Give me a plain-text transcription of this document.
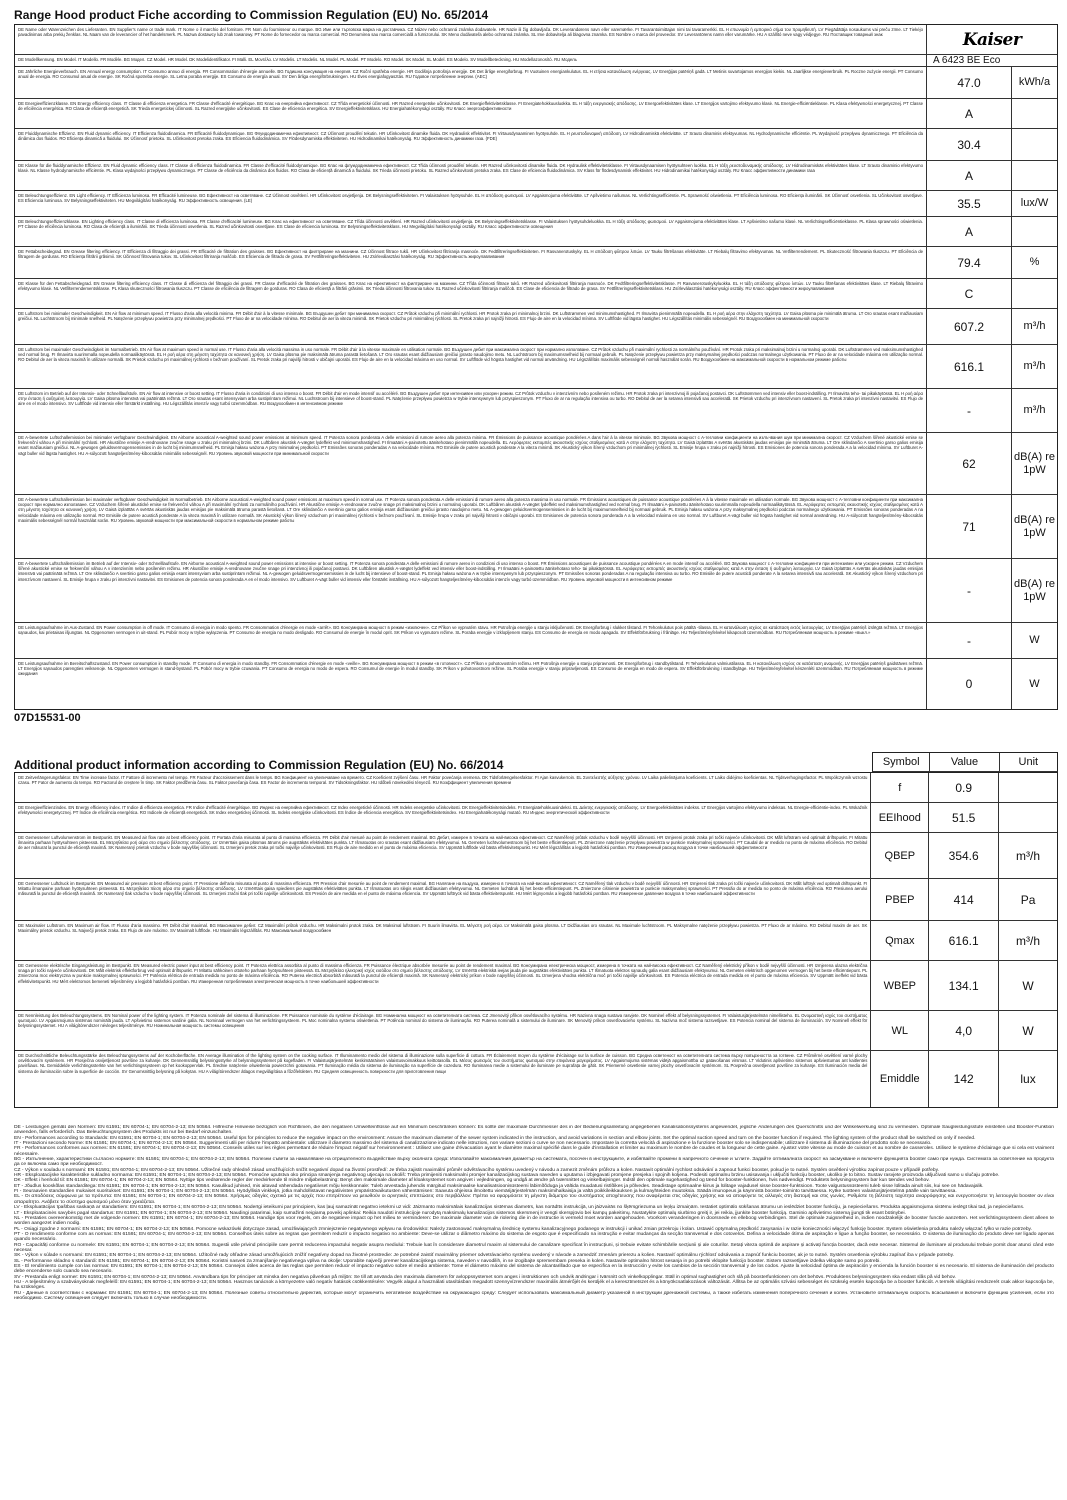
Range Hood product Fiche according to Commission Regulation (EU) No. 65/2014
DE Name oder Warenzeichen des Lieferanten. EN Supplier's name or trade mark. IT Nome o il marchio del fornitore. FR Nom du fournisseur ou marque. BG Име или търговска марка на доставчика. CZ Název nebo ochranná známka dodavatele. HR Naziv ili žig dobavljača. DK Leverandørens navn eller varemærke. FI Tavarantoimittajan nimi tai tavaramerkki. EL Η επωνυμία ή εμπορικό σήμα του προμηθευτή. LV Piegādātāja nosaukums vai preču zīme. LT Tiekėjo pavadinimas arba prekių ženklas. NL Naam van de leverancier of het handelsmerk. PL Nazwa dostawcy lub znak towarowy. PT Nome do fornecedor ou marca comercial. RO Denumirea sau marca comercială a furnizorului. SK Meno dodávateľa alebo ochranná známka. SL Ime dobavitelja ali blagovna znamka. ES Nombre o marca del proveedor. SV Leverantörens namn eller varumärke. HU A szállító neve vagy védjegye. RU Поставщик товарный знак	Kaiser
DE Modellkennung. EN Model. IT Modello. FR Modèle. BG Модел. CZ Model. HR Model. DK Modelidentifikator. FI Malli. EL Μοντέλο. LV Modelis. LT Modelis. NL Model. PL Model. PT Modelo. RO Model. SK Model. SL Model. ES Modelo. SV Modellbeteckning. HU Modellazonosító. RU Модель	A 6423 BE Eco
DE Jährliche Energieverbrauch. EN Annual energy consumption. IT Consumo annuo di energia. FR Consommation d'énergie annuelle. BG Годишна консумация на енергия. CZ Roční spotřeba energie. HR Godišnja potrošnja energije. DK Det årlige energiforbrug. FI Vuotuinen energiankulutus. EL Η ετήσια κατανάλωση ενέργειας. LV Enerģijas patēriņš gadā. LT Metinis suvartojamos energijos kiekis. NL Jaarlijkse energieverbruik. PL Roczne zużycie energii. PT Consumo anual de energia. RO Consumul anual de energie. SK Ročná spotreba energie. SL Letna poraba energije. ES Consumo de energía anual. SV Den årliga energiförbrukningen. HU Éves energiafogyasztás. RU Годовое потребление энергии. (AEC)	47.0	kWh/a
DE Energieeffizienzklasse. EN Energy efficiency class. IT Classe di efficienza energetica. FR Classe d'efficacité énergétique. BG Клас на енергийна ефективност. CZ Třída energetické účinnosti. HR Razred energetske učinkovitosti. DK Energieffektivitetsklasse. FI Energiatehokkuusluokka. EL Η τάξη ενεργειακής απόδοσης. LV Energoefektivitātes klase. LT Energijos vartojimo efektyvumo klasė. NL Energie-efficiëntieklasse. PL Klasa efektywności energetycznej. PT Classe de eficiência energética. RO Clasa de eficiență energetică. SK Trieda energetickej účinnosti. SL Razred energijske učinkovitosti. ES Clase de eficiencia energética. SV Energieffektivitetsklass. HU Energiahatékonysági osztály. RU Класс энергоэффективности	A
DE Fluiddynamische Effizienz. EN Fluid dynamic efficiency. IT Efficienza fluidodinamica. FR Efficacité fluidodynamique. BG Флуидодинамична ефективност. CZ Účinnost proudění tekutin. HR Učinkovitost dinamike fluida. DK Hydraulisk effektivitet. FI Virtausdynaaminen hyötysuhde. EL Η ρευστοδυναμική απόδοση. LV Hidrodinamiskā efektivitāte. LT Srauto dinaminis efektyvumas. NL Hydrodynamische efficiëntie. PL Wydajność przepływu dynamicznego. PT Eficiência da dinâmica dos fluidos. RO Eficiența dinamică a fluidului. SK Účinnosť prietoku. SL Učinkovitost pretoka zraka. ES Eficiencia fluidodinámica. SV Flödesdynamiska effektiviteten. HU Hidrodinamikai hatékonyság. RU Эффективность динамики газа. (FDE)	30.4
DE Klasse für die fluiddynamische Effizienz. EN Fluid dynamic efficiency class. IT Classe di efficienza fluidodinamica. FR Classe d'efficacité fluidodynamique. BG Клас на флуидодинамична ефективност. CZ Třída účinnosti proudění tekutin. HR Razred učinkovitosti dinamike fluida. DK Hydraulisk effektivitetsklasse. FI Virtausdynaamisen hyötysuhteen luokka. EL Η τάξη ρευστοδυναμικής απόδοσης. LV Hidrodinamiskās efektivitātes klase. LT Srauto dinaminio efektyvumo klasė. NL Klasse hydrodynamische efficiëntie. PL Klasa wydajności przepływu dynamicznego. PT Classe de eficiência da dinâmica dos fluidos. RO Clasa de eficiență dinamică a fluidului. SK Trieda účinnosti prietoku. SL Razred učinkovitosti pretoka zraka. ES Clase de eficiencia fluidodinámica. SV Klass för flödesdynamisk effektivitet. HU Hidrodinamikai hatékonysági osztály. RU Класс эффективности динамики газа	A
DE Beleuchtungseffizienz. EN Light efficiency. IT Efficienza luminosa. FR Efficacité lumineuse. BG Ефективност на осветяване. CZ Účinnost osvětlení. HR Učinkovitost osvjetljenja. DK Belysningseffektiviteten. FI Valaistuksen hyötysuhde. EL Η απόδοση φωτισμού. LV Apgaismojuma efektivitāte. LT Apšvietimo našumas. NL Verlichtingsefficiëntie. PL Sprawność oświetlenia. PT Eficiência luminosa. RO Eficiența iluminării. SK Účinnosť osvetlenia. SL Učinkovitost osvetljave. ES Eficiencia luminosa. SV Belysningseffektiviteten. HU Megvilágítási hatékonyság. RU Эффективность освещения. (LE)	35.5	lux/W
DE Beleuchtungseffizienzklasse. EN Lighting efficiency class. IT Classe di efficienza luminosa. FR Classe d'efficacité lumineuse. BG Клас на ефективност на осветяване. CZ Třída účinnosti osvětlení. HR Razred učinkovitosti osvjetljenja. DK Belysningseffektivitetsklasse. FI Valaistuksen hyötysuhdeluokka. EL Η τάξη απόδοσης φωτισμού. LV Apgaismojuma efektivitātes klase. LT Apšvietimo našumo klasė. NL Verlichtingsefficiëntieklasse. PL Klasa sprawności oświetlenia. PT Classe de eficiência luminosa. RO Clasa de eficiență a iluminării. SK Trieda účinnosti osvetlenia. SL Razred učinkovitosti osvetljave. ES Clase de eficiencia luminosa. SV Belysningseffektivitetsklass. HU Megvilágítási hatékonysági osztály. RU Класс эффективности освещения	A
DE Fettabscheidegrad. EN Grease filtering efficiency. IT Efficienza di filtraggio dei grassi. FR Efficacité de filtration des graisses. BG Ефективност на филтриране на мазнини. CZ Účinnost filtrace tuků. HR Učinkovitost filtriranja masnoće. DK Fedtfiltreringseffektiviteten. FI Rasvanerotuskyky. EL Η απόδοση φίλτρου λιπών. LV Tauku filtrēšanas efektivitāte. LT Riebalų filtravimo efektyvumas. NL Vetfilterrendement. PL Skuteczność filtrowania tłuszczu. PT Eficiência de filtragem de gorduras. RO Eficiența filtrării grăsimii. SK Účinnosť filtrovania tukov. SL Učinkovitost filtriranja maščob. ES Eficiencia de filtrado de grasa. SV Fettfiltreringseffektiviteten. HU Zsírleválasztási hatékonyság. RU Эффективность жироулавливания	79.4	%
DE Klasse für den Fettabscheidegrad. EN Grease filtering efficiency class. IT Classe di efficienza del filtraggio dei grassi. FR Classe d'efficacité de filtration des graisses. BG Клас на ефективност на филтриране на мазнини. CZ Třída účinnosti filtrace tuků. HR Razred učinkovitosti filtriranja masnoće. DK Fedtfiltreringseffektivitetsklasse. FI Rasvanerotuskykyluokka. EL Η τάξη απόδοσης φίλτρου λιπών. LV Tauku filtrēšanas efektivitātes klase. LT Riebalų filtravimo efektyvumo klasė. NL Vetfilterrendementsklasse. PL Klasa skuteczności filtrowania tłuszczu. PT Classe de eficiência de filtragem de gorduras. RO Clasa de eficiență a filtrării grăsimii. SK Trieda účinnosti filtrovania tukov. SL Razred učinkovitosti filtriranja maščob. ES Clase de eficiencia de filtrado de grasa. SV Fettfiltreringseffektivitetsklass. HU Zsírleválasztási hatékonysági osztály. RU Класс эффективности жироулавливания	C
DE Luftstrom bei minimaler Geschwindigkeit. EN Air flow at minimum speed. IT Flusso d'aria alla velocità minima. FR Débit d'air à la vitesse minimale. BG Въздушен дебит при минимална скорост. CZ Průtok vzduchu při minimální rychlosti. HR Protok zraka pri minimalnoj brzini. DK Luftstrømmen ved minimumshastighed. FI Ilmavirta pienimmällä nopeudella. EL Η ροή αέρα στην ελάχιστη ταχύτητα. LV Gaisa plūsma pie minimālā ātruma. LT Oro srautas esant mažiausiam greičiui. NL Luchtstroom bij minimale snelheid. PL Natężenie przepływu powietrza przy minimalnej prędkości. PT Fluxo de ar na velocidade mínima. RO Debitul de aer la viteza minimă. SK Prietok vzduchu pri minimálnej rýchlosti. SL Pretok zraka pri najnižji hitrosti. ES Flujo de aire en la velocidad mínima. SV Luftflöde vid lägsta hastighet. HU Légszállítás minimális sebességnél. RU Воздухообмен на минимальной скорости
607.2	m³/h
DE Luftstrom bei maximaler Geschwindigkeit im Normalbetrieb. EN Air flow at maximum speed in normal use. IT Flusso d'aria alla velocità massima in uso normale. FR Débit d'air à la vitesse maximale en utilisation normale. BG Въздушен дебит при максимална скорост при нормално използване. CZ Průtok vzduchu při maximální rychlosti za normálního používání. HR Protok zraka pri maksimalnoj brzini u normalnoj uporabi. DK Luftstrømmen ved maksimumshastighed ved normal brug. FI Ilmavirta suurimmalla nopeudella normaalikäytössä. EL Η ροή αέρα στη μέγιστη ταχύτητα σε κανονική χρήση. LV Gaisa plūsma pie maksimālā ātruma parastā lietošanā. LT Oro srautas esant didžiausiam greičiui įprasto naudojimo metu. NL Luchtstroom bij maximumsnelheid bij normaal gebruik. PL Natężenie przepływu powietrza przy maksymalnej prędkości podczas normalnego użytkowania. PT Fluxo de ar na velocidade máxima em utilização normal. RO Debitul de aer la viteza maximă în utilizare normală. SK Prietok vzduchu pri maximálnej rýchlosti v bežnom používaní. SL Pretok zraka pri najvišji hitrosti v običajni uporabi. ES Flujo de aire en la velocidad máxima en uso normal. SV Luftflöde vid högsta hastighet vid normal användning. HU Légszállítás maximális sebességnél normál használat során. RU Воздухообмен на максимальной скорости в нормальном режиме работы	616.1	m³/h
DE Luftstrom im Betrieb auf der Intensiv- oder Schnelllaufstufe. EN Air flow at intensive or boost setting. IT Flusso d'aria in condizioni di uso intenso o boost. FR Débit d'air en mode intensif ou accéléré. BG Въздушен дебит при интензивен или ускорен режим. CZ Průtok vzduchu v intenzivním nebo posíleném režimu. HR Protok zraka pri intenzivnoj ili pojačanoj postavci. DK Luftstrømmen ved intensiv eller boost-indstilling. FI Ilmavirta teho- tai pikakäytössä. EL Η ροή αέρα στην ένταση ή αυξημένη λειτουργία. LV Gaisa plūsma intensīvā vai paātrinātā režīmā. LT Oro srautas esant intensyviam arba sustiprintam režimui. NL Luchtstroom bij intensieve of boost-stand. PL Natężenie przepływu powietrza w trybie intensywnym lub przyspieszonym. PT Fluxo de ar na regulação intensiva ou turbo. RO Debitul de aer la setarea intensivă sau accelerată. SK Prietok vzduchu pri intenzívnom nastavení. SL Pretok zraka pri intenzivni nastavitvi. ES Flujo de aire en el modo intensivo. SV Luftflöde vid intensiv eller förstärkt inställning. HU Légszállítás intenzív vagy turbó üzemmódban. RU Воздухообмен в интенсивном режиме	-	m³/h
DE A-bewertete Luftschallemission bei minimaler verfügbarer Geschwindigkeit. EN Airborne acoustical A-weighted sound power emissions at minimum speed. IT Potenza sonora ponderata A delle emissioni di rumore aereo alla potenza minima. FR Émissions de puissance acoustique pondérées A dans l'air à la vitesse minimale. BG Звукова мощност с А-тегловни коефициенти на излъчвания шум при минимална скорост. CZ Vzduchem šířené akustické emise se frekvenční váhou A při minimální rychlosti. HR Akustične emisije A-vrednovane zvučne snage u zraku pri minimalnoj brzini. DK Luftbåren akustisk A-vægtet lydeffekt ved minimumshastighed. FI Ilmaääni A-painotettu äänitehotaso pienimmällä nopeudella. EL Αερόφερτες εκπομπές ακουστικής ισχύος σταθμισμένες κατά Α στην ελάχιστη ταχύτητα. LV Gaisā izplatītās A svērtās akustiskās jaudas emisijas pie minimālā ātruma. LT Ore sklindančio A svertinio garso galios emisija esant mažiausiam greičiui. NL A-gewogen geluidsvermogensemissies in de lucht bij minimumsnelheid. PL Emisja hałasu ważona A przy minimalnej prędkości. PT Emissões sonoras ponderadas A na velocidade mínima. RO Emisiile de putere acustică ponderate A la viteza minimă. SK Akustický výkon šírený vzduchom pri minimálnej rýchlosti. SL Emisije hrupa v zraku pri najnižji hitrosti. ES Emisiones de potencia sonora ponderada A a la velocidad mínima. SV Luftburet A-vägt buller vid lägsta hastighet. HU A-súlyozott hangteljesítmény-kibocsátás minimális sebességnél. RU Уровень звуковой мощности при минимальной скорости
62	dB(A) re 1pW
DE A-bewertete Luftschallemission bei maximaler verfügbarer Geschwindigkeit im Normalbetrieb. EN Airborne acoustical A-weighted sound power emissions at maximum speed in normal use. IT Potenza sonora ponderata A delle emissioni di rumore aereo alla potenza massima in uso normale. FR Émissions acoustiques de puissance acoustique pondérées A à la vitesse maximale en utilisation normale. BG Звукова мощност с А-тегловни коефициенти при максимална скорост при нормално използване. CZ Vzduchem šířené akustické emise se frekvenční váhou A při maximální rychlosti za normálního používání. HR Akustične emisije A-vrednovane zvučne snage pri maksimalnoj brzini u normalnoj uporabi. DK Luftbåren akustisk A-vægtet lydeffekt ved maksimumshastighed ved normal brug. FI Ilmaääni A-painotettu äänitehotaso suurimmalla nopeudella normaalikäytössä. EL Αερόφερτες εκπομπές ακουστικής ισχύος σταθμισμένες κατά Α στη μέγιστη ταχύτητα σε κανονική χρήση. LV Gaisā izplatītās A svērtās akustiskās jaudas emisijas pie maksimālā ātruma parastā lietošanā. LT Ore sklindančio A svertinio garso galios emisija esant didžiausiam greičiui įprasto naudojimo metu. NL A-gewogen geluidsvermogensemissies in de lucht bij maximumsnelheid bij normaal gebruik. PL Emisja hałasu ważona A przy maksymalnej prędkości podczas normalnego użytkowania. PT Emissões sonoras ponderadas A na velocidade máxima em utilização normal. RO Emisiile de putere acustică ponderate A la viteza maximă în utilizare normală. SK Akustický výkon šírený vzduchom pri maximálnej rýchlosti v bežnom používaní. SL Emisije hrupa v zraku pri najvišji hitrosti v običajni uporabi. ES Emisiones de potencia sonora ponderada A a la velocidad máxima en uso normal. SV Luftburet A-vägt buller vid högsta hastighet vid normal användning. HU A-súlyozott hangteljesítmény-kibocsátás maximális sebességnél normál használat során. RU Уровень звуковой мощности при максимальной скорости в нормальном режиме работы	71	dB(A) re 1pW
DE A-bewertete Luftschallemission im Betrieb auf der Intensiv- oder Schnelllaufstufe. EN Airborne acoustical A-weighted sound power emissions at intensive or boost setting. IT Potenza sonora ponderata A delle emissioni di rumore aereo in condizioni di uso intenso o boost. FR Émissions acoustiques de puissance acoustique pondérées A en mode intensif ou accéléré. BG Звукова мощност с А-тегловни коефициенти при интензивен или ускорен режим. CZ Vzduchem šířené akustické emise se frekvenční váhou A v intenzivním nebo posíleném režimu. HR Akustične emisije A-vrednovane zvučne snage pri intenzivnoj ili pojačanoj postavci. DK Luftbåren akustisk A-vægtet lydeffekt ved intensiv eller boost-indstilling. FI Ilmaääni A-painotettu äänitehotaso teho- tai pikakäytössä. EL Αερόφερτες εκπομπές ακουστικής ισχύος σταθμισμένες κατά Α στην ένταση ή αυξημένη λειτουργία. LV Gaisā izplatītās A svērtās akustiskās jaudas emisijas intensīvā vai paātrinātā režīmā. LT Ore sklindančio A svertinio garso galios emisija esant intensyviam arba sustiprintam režimui. NL A-gewogen geluidsvermogensemissies in de lucht bij intensieve of boost-stand. PL Emisja hałasu ważona A w trybie intensywnym lub przyspieszonym. PT Emissões sonoras ponderadas A na regulação intensiva ou turbo. RO Emisiile de putere acustică ponderate A la setarea intensivă sau accelerată. SK Akustický výkon šírený vzduchom pri intenzívnom nastavení. SL Emisije hrupa v zraku pri intenzivni nastavitvi. ES Emisiones de potencia sonora ponderada A en el modo intensivo. SV Luftburet A-vägt buller vid intensiv eller förstärkt inställning. HU A-súlyozott hangteljesítmény-kibocsátás intenzív vagy turbó üzemmódban. RU Уровень звуковой мощности в интенсивном режиме
-	dB(A) re 1pW
DE Leistungsaufnahme im Aus-Zustand. EN Power consumption in off mode. IT Consumo di energia in modo spento. FR Consommation d'énergie en mode «arrêt». BG Консумирана мощност в режим «изключен». CZ Příkon ve vypnutém stavu. HR Potrošnja energije u stanju isključenosti. DK Energiforbrug i slukket tilstand. FI Tehonkulutus pois päältä -tilassa. EL Η κατανάλωση ισχύος σε κατάσταση εκτός λειτουργίας. LV Enerģijas patēriņš izslēgtā režīmā. LT Energijos sąnaudos, kai prietaisas išjungtas. NL Opgenomen vermogen in uit-stand. PL Pobór mocy w trybie wyłączenia. PT Consumo de energia no modo desligado. RO Consumul de energie în modul oprit. SK Príkon vo vypnutom režime. SL Poraba energije v izklopljenem stanju. ES Consumo de energía en modo apagado. SV Effektförbrukning i frånläge. HU Teljesítményfelvétel kikapcsolt üzemmódban. RU Потребляемая мощность в режиме «выкл.»
-	W
DE Leistungsaufnahme im Bereitschaftszustand. EN Power consumption in standby mode. IT Consumo di energia in modo standby. FR Consommation d'énergie en mode «veille». BG Консумирана мощност в режим «в готовност». CZ Příkon v pohotovostním režimu. HR Potrošnja energije u stanju pripravnosti. DK Energiforbrug i standbytilstand. FI Tehonkulutus valmiustilassa. EL Η κατανάλωση ισχύος σε κατάσταση αναμονής. LV Enerģijas patēriņš gaidstāves režīmā. LT Energijos sąnaudos parengties veiksenoje. NL Opgenomen vermogen in stand-bystand. PL Pobór mocy w trybie czuwania. PT Consumo de energia no modo de espera. RO Consumul de energie în modul standby. SK Príkon v pohotovostnom režime. SL Poraba energije v stanju pripravljenosti. ES Consumo de energía en modo de espera. SV Effektförbrukning i standbyläge. HU Teljesítményfelvétel készenléti üzemmódban. RU Потребляемая мощность в режиме ожидания
0	W
07D15531-00
Additional product information according to Commission Regulation (EU) No. 66/2014	Symbol	Value	Unit
DE Zeitverlängerungsfaktor. EN Time increase factor. IT Fattore di incremento nel tempo. FR Facteur d'accroissement dans le temps. BG Коефициент на увеличаване на времето. CZ Koeficient zvýšení času. HR Faktor povećanja vremena. DK Tidsforlængelsesfaktor. FI Ajan kasvukerroin. EL Συντελεστής αύξησης χρόνου. LV Laika palielinājuma koeficients. LT Laiko didėjimo koeficientas. NL Tijdsverhogingsfactor. PL Współczynnik wzrostu czasu. PT Fator de aumento do tempo. RO Factorul de creștere în timp. SK Faktor predĺženia času. SL Faktor povečanja časa. ES Factor de incremento temporal. SV Tidsökningsfaktor. HU Időbeli növekedési tényező. RU Коэффициент увеличения времени	f	0.9
DE Energieeffizienzindex. EN Energy efficiency index. IT Indice di efficienza energetica. FR Indice d'efficacité énergétique. BG Индекс на енергийна ефективност. CZ Index energetické účinnosti. HR Indeks energetske učinkovitosti. DK Energieffektivitetsindeks. FI Energiatehokkuusindeksi. EL Δείκτης ενεργειακής απόδοσης. LV Energoefektivitātes indekss. LT Energijos vartojimo efektyvumo indeksas. NL Energie-efficiëntie-index. PL Wskaźnik efektywności energetycznej. PT Índice de eficiência energética. RO Indicele de eficiență energetică. SK Index energetickej účinnosti. SL Indeks energijske učinkovitosti. ES Índice de eficiencia energética. SV Energieffektivitetsindex. HU Energiahatékonysági mutató. RU Индекс энергетической эффективности	EEIhood	51.5
DE Gemessener Luftvolumenstrom im Bestpunkt. EN Measured air flow rate at best efficiency point. IT Portata d'aria misurata al punto di massima efficienza. FR Débit d'air mesuré au point de rendement maximal. BG Дебит, измерен в точката на най-висока ефективност. CZ Naměřený průtok vzduchu v bodě nejvyšší účinnosti. HR Izmjereni protok zraka pri točki najveće učinkovitosti. DK Målt luftstrøm ved optimalt driftspunkt. FI Mitattu ilmavirta parhaan hyötysuhteen pisteessä. EL Μετρηθείσα ροή αέρα στο σημείο βέλτιστης απόδοσης. LV Izmērītais gaisa plūsmas ātrums pie augstākās efektivitātes punkta. LT Išmatuotas oro srautas esant didžiausiam efektyvumui. NL Gemeten luchtvolumestroom bij het beste efficiëntiepunt. PL Zmierzone natężenie przepływu powietrza w punkcie maksymalnej sprawności. PT Caudal de ar medido no ponto de máxima eficiência. RO Debitul de aer măsurat la punctul de eficiență maximă. SK Nameraný prietok vzduchu v bode najvyššej účinnosti. SL Izmerjeni pretok zraka pri točki najvišje učinkovitosti. ES Flujo de aire medido en el punto de máxima eficiencia. SV Uppmätt luftflöde vid bästa effektivitetspunkt. HU Mért légszállítás a legjobb hatásfokú pontban. RU Измеренный расход воздуха в точке наибольшей эффективности
QBEP	354.6	m³/h
DE Gemessener Luftdruck im Bestpunkt. EN Measured air pressure at best efficiency point. IT Pressione dell'aria misurata al punto di massima efficienza. FR Pression d'air mesurée au point de rendement maximal. BG Налягане на въздуха, измерено в точката на най-висока ефективност. CZ Naměřený tlak vzduchu v bodě nejvyšší účinnosti. HR Izmjereni tlak zraka pri točki najveće učinkovitosti. DK Målt lufttryk ved optimalt driftspunkt. FI Mitattu ilmanpaine parhaan hyötysuhteen pisteessä. EL Μετρηθείσα πίεση αέρα στο σημείο βέλτιστης απόδοσης. LV Izmērītais gaisa spiediens pie augstākās efektivitātes punkta. LT Išmatuotas oro slėgis esant didžiausiam efektyvumui. NL Gemeten luchtdruk bij het beste efficiëntiepunt. PL Zmierzone ciśnienie powietrza w punkcie maksymalnej sprawności. PT Pressão do ar medida no ponto de máxima eficiência. RO Presiunea aerului măsurată la punctul de eficiență maximă. SK Nameraný tlak vzduchu v bode najvyššej účinnosti. SL Izmerjeni zračni tlak pri točki najvišje učinkovitosti. ES Presión de aire medida en el punto de máxima eficiencia. SV Uppmätt lufttryck vid bästa effektivitetspunkt. HU Mért légnyomás a legjobb hatásfokú pontban. RU Измеренное давление воздуха в точке наибольшей эффективности	PBEP	414	Pa
DE Maximaler Luftstrom. EN Maximum air flow. IT Flusso d'aria massimo. FR Débit d'air maximal. BG Максимален дебит. CZ Maximální průtok vzduchu. HR Maksimalni protok zraka. DK Maksimal luftstrøm. FI Suurin ilmavirta. EL Μέγιστη ροή αέρα. LV Maksimālā gaisa plūsma. LT Didžiausias oro srautas. NL Maximale luchtstroom. PL Maksymalne natężenie przepływu powietrza. PT Fluxo de ar máximo. RO Debitul maxim de aer. SK Maximálny prietok vzduchu. SL Največji pretok zraka. ES Flujo de aire máximo. SV Maximalt luftflöde. HU Maximális légszállítás. RU Максимальный воздухообмен
Qmax	616.1	m³/h
DE Gemessene elektrische Eingangsleistung im Bestpunkt. EN Measured electric power input at best efficiency point. IT Potenza elettrica assorbita al punto di massima efficienza. FR Puissance électrique absorbée mesurée au point de rendement maximal. BG Консумирана електрическа мощност, измерена в точката на най-висока ефективност. CZ Naměřený elektrický příkon v bodě nejvyšší účinnosti. HR Izmjerena ulazna električna snaga pri točki najveće učinkovitosti. DK Målt elektrisk effektforbrug ved optimalt driftspunkt. FI Mitattu sähköinen ottoteho parhaan hyötysuhteen pisteessä. EL Μετρηθείσα ηλεκτρική ισχύς εισόδου στο σημείο βέλτιστης απόδοσης. LV Izmērītā elektriskā ieejas jauda pie augstākās efektivitātes punkta. LT Išmatuota elektros sąnaudų galia esant didžiausiam efektyvumui. NL Gemeten elektrisch opgenomen vermogen bij het beste efficiëntiepunt. PL Zmierzona moc elektryczna w punkcie maksymalnej sprawności. PT Potência elétrica de entrada medida no ponto de máxima eficiência. RO Puterea electrică absorbită măsurată la punctul de eficiență maximă. SK Nameraný elektrický príkon v bode najvyššej účinnosti. SL Izmerjena vhodna električna moč pri točki najvišje učinkovitosti. ES Potencia eléctrica de entrada medida en el punto de máxima eficiencia. SV Uppmätt ineffekt vid bästa effektivitetspunkt. HU Mért elektromos bemeneti teljesítmény a legjobb hatásfokú pontban. RU Измеренная потребляемая электрическая мощность в точке наибольшей эффективности	WBEP	134.1	W
DE Nennleistung des Beleuchtungssystems. EN Nominal power of the lighting system. IT Potenza nominale del sistema di illuminazione. FR Puissance nominale du système d'éclairage. BG Номинална мощност на осветителната система. CZ Jmenovitý příkon osvětlovacího systému. HR Nazivna snaga sustava rasvjete. DK Nominel effekt af belysningssystemet. FI Valaistusjärjestelmän nimellisteho. EL Ονομαστική ισχύς του συστήματος φωτισμού. LV Apgaismojuma sistēmas nominālā jauda. LT Apšvietimo sistemos vardinė galia. NL Nominaal vermogen van het verlichtingssysteem. PL Moc nominalna systemu oświetlenia. PT Potência nominal do sistema de iluminação. RO Puterea nominală a sistemului de iluminare. SK Menovitý príkon osvetľovacieho systému. SL Nazivna moč sistema razsvetljave. ES Potencia nominal del sistema de iluminación. SV Nominell effekt för belysningssystemet. HU A világítórendszer névleges teljesítménye. RU Номинальная мощность системы освещения	WL	4,0	W
DE Durchschnittliche Beleuchtungsstärke des Beleuchtungssystems auf der Kochoberfläche. EN Average illumination of the lighting system on the cooking surface. IT Illuminamento medio del sistema di illuminazione sulla superficie di cottura. FR Éclairement moyen du système d'éclairage sur la surface de cuisson. BG Средна осветеност на осветителната система върху повърхността за готвене. CZ Průměrné osvětlení varné plochy osvětlovacím systémem. HR Prosječna osvijetljenost površine za kuhanje. DK Gennemsnitlig belysningsstyrke af belysningssystemet på kogefladen. FI Valaistusjärjestelmän keskimääräinen valaistusvoimakkuus keittotasolla. EL Μέσος φωτισμός του συστήματος φωτισμού στην επιφάνεια μαγειρέματος. LV Apgaismojuma sistēmas vidējā apgaismotība uz gatavošanas virsmas. LT Vidutinis apšvietimo sistemos apšviestumas ant kaitlentės paviršiaus. NL Gemiddelde verlichtingssterkte van het verlichtingssysteem op het kookoppervlak. PL Średnie natężenie oświetlenia powierzchni gotowania. PT Iluminação média do sistema de iluminação na superfície de cozedura. RO Iluminarea medie a sistemului de iluminare pe suprafața de gătit. SK Priemerné osvetlenie varnej plochy osvetľovacím systémom. SL Povprečna osvetljenost površine za kuhanje. ES Iluminación media del sistema de iluminación sobre la superficie de cocción. SV Genomsnittlig belysning på kokytan. HU A világítórendszer átlagos megvilágítása a főzőfelületen. RU Средняя освещенность поверхности для приготовления пищи
Emiddle	142	lux
DE - Leistungen gemäß den Normen: EN 61591; EN 60704-1; EN 60704-2-13; EN 50564. Hilfreiche Hinweise bezüglich von Richtlinien, die den negativen Umwelteinflüsse auf ein Minimum beschränken können: Es sollte der maximale Durchmesser des in der Bedienungsanleitung angegebenen Kanalisationssystems angewendet, jegliche Änderungen des Querschnitts und der Winkelwerkung sind zu vermeiden. Optimale Saugleistungsstufe einstellen und Booster-Funktion anwenden, falls erforderlich. Das Beleuchtungssystem des Produkts ist nur bei Bedarf einzuschalten.
EN - Performances according to Standards: EN 61591; EN 60704-1; EN 60704-2-13; EN 50564. Useful tips for principles to reduce the negative impact on the environment: Assure the maximum diameter of the sewer system indicated in the instruction, and avoid variations in section and elbow joints. Set the optimal suction speed and turn on the booster function if required. The lighting system of the product shall be switched on only if needed.
IT - Prestazioni secondo Norme: EN 61591; EN 60704-1; EN 60704-2-13; EN 50564. Suggerimenti utili per ridurre l'impatto ambientale: utilizzare il diametro massimo del sistema di canalizzazione indicato nelle istruzioni, non variare sezioni o curve se non necessario. Impostare la corretta velocità di aspirazione e la funzione booster solo se indispensabile; utilizzare il sistema di illuminazione del prodotto solo se necessario.
FR - Performances conformes aux normes: EN 61591; EN 60704-1; EN 60704-2-13; EN 50564. Conseils utiles sur les règles permettant de réduire l'impact négatif sur l'environnement : Utilisez une gaine d'évacuation ayant le diamètre maximal spécifié dans le guide d'installation et limiter au maximum le nombre de coudes et la longueur de cette gaine. Ajustez votre vitesse au mode de cuisson et au nombre de casseroles. Utilisez le système d'éclairage que si cela est vraiment nécessaire.
BG - Изпълнение, характеристики съгласно нормите: EN 61591; EN 60704-1; EN 60704-2-13; EN 50564. Полезни съвети за намаляване на отрицателното въздействие върху околната среда: Използвайте максималния диаметър на системата, посочен в инструкциите, и избягвайте промени в напречното сечение и ъглите. Задайте оптималната скорост на засмукване и включете функцията booster само при нужда. Системата за осветление на продукта да се включва само при необходимост.
CZ - Výkon v souladu s normami: EN 61591; EN 60704-1; EN 60704-2-13; EN 50564. Užitečné rady ohledně zásad umožňujících snížit negativní dopad na životní prostředí: Je třeba zajistit maximální průměr odvětrávacího systému uvedený v návodu a zamezit změnám průřezu a kolen. Nastavit optimální rychlost odsávání a zapnout funkci booster, pokud je to nutné. Systém osvětlení výrobku zapínat pouze v případě potřeby.
HR - Eksploatacijske karakteristike sukladno normama: EN 61591; EN 60704-1; EN 60704-2-13; EN 50564. Pomoćne uputstva oko principa smanjenja negativnog utjecaja na okoliš: Treba primijeniti maksimalni promjer kanalizacijskog sustava naveden u uputama i izbjegavati promjene presjeka i spojnih koljena. Podesiti optimalnu brzinu usisavanja i uključiti funkciju booster, ukoliko je to bitno. Sustav rasvjete proizvoda uključivati samo u slučaju potrebe.
DK - Effekt i henhold til: EN 61591; EN 60704-1; EN 60704-2-13; EN 50564. Nyttige tips vedrørende regler der medvirkende til mindre miljøbelastning: Benyt den maksimale diameter af kloaksystemet som angivet i vejledningen, og undgå at ændre på tværsnittet og vinkelbøjninger. Indstil den optimale sugehastighed og tænd for booster-funktionen, hvis nødvendigt. Produktets belysningssystem bør kun tændes ved behov.
ET - Jõudlus kooskõlas standarditega: EN 61591; EN 60704-1; EN 60704-2-13; EN 50564. Kasulikud juhised, mis aitavad vähendada negatiivset mõju keskkonnale: Tuleb arvestada juhendis märgitud maksimaalse kanalisatsioonisüsteemi läbimõõduga ja vältida muudatusi ristlõikes ja põlvedes. Seadistage optimaalne kiirus ja lülitage vajadusel sisse booster-funktsioon. Toote valgustussüsteemi tuleb sisse lülitada ainult siis, kui see on hädavajalik.
FI - Seuraavien standardien mukaiset suoritukset: EN 61591; EN 60704-1; EN 60704-2-13; EN 50564. Hyödyllisiä vinkkejä, jotka mahdollistavat negatiivisten ympäristövaikutusten vähentämisen: Saavuta ohjeissa ilmoitettu viemärijärjestelmän maksimihalkaisija ja vältä poikkileikkauksen ja kulmayhteiden muutoksia. Säädä imunopeus ja käynnistä booster-toiminto tarvittaessa. Kytke tuotteen valaistusjärjestelmä päälle vain tarvittaessa.
EL - Οι αποδόσεις σύμφωνα με τα πρότυπα: EN 61591; EN 60704-1; EN 60704-2-13; EN 50564. Χρήσιμες οδηγίες σχετικά με τις αρχές που επιτρέπουν να μειωθούν οι αρνητικές επιπτώσεις στο περιβάλλον: Πρέπει να εφαρμόσετε τη μέγιστη διάμετρο του συστήματος αποχέτευσης που αναφέρεται στις οδηγίες χρήσης και να αποφύγετε τις αλλαγές στη διατομή και στις γωνίες. Ρυθμίστε τη βέλτιστη ταχύτητα αναρρόφησης και ενεργοποιήστε τη λειτουργία booster αν είναι απαραίτητο. Ανάβετε το σύστημα φωτισμού μόνο όταν χρειάζεται.
LV - Ekspluatācijas īpašības saskaņā ar standartiem: EN 61591; EN 60704-1; EN 60704-2-13; EN 50564. Noderīgi ieteikumi par principiem, kas ļauj samazināt negatīvo ietekmi uz vidi: Jāizmanto maksimālais kanalizācijas sistēmas diametrs, kas norādīts instrukcijā, un jāizvairās no šķērsgriezuma un leņķu izmaiņām. Iestatiet optimālo sūkšanas ātrumu un ieslēdziet booster funkciju, ja nepieciešams. Produkta apgaismojuma sistēmu ieslēgt tikai tad, ja nepieciešams.
LT - Eksploatacinės savybės pagal standartus: EN 61591; EN 60704-1; EN 60704-2-13; EN 50564. Naudingi patarimai, kaip sumažinti neigiamą poveikį aplinkai: Reikia naudoti instrukcijoje nurodytą maksimalų kanalizacijos sistemos skersmenį ir vengti skerspjūvio bei kampų pakeitimų. Nustatykite optimalų siurbimo greitį ir, jei reikia, įjunkite booster funkciją. Gaminio apšvietimo sistemą įjungti tik esant būtinybei.
NL - Prestaties overeenkomstig met de volgende normen: EN 61591; EN 60704-1; EN 60704-2-13; EN 50564. Handige tips voor regels, om de negatieve impact op het milieu te verminderen: De maximale diameter van de riolering die in de instructie is vermeld moet worden aangehouden. Voorkom veranderingen in doorsnede en elleboog verbindingen. Stel de optimale zuigsnelheid in, indien noodzakelijk de booster functie aanzetten. Het verlichtingssysteem dient alleen te worden aangezet indien nodig.
PL - Osiągi zgodne z normami: EN 61591; EN 60704-1; EN 60704-2-13; EN 50564. Pomocne wskazówki dotyczące zasad, umożliwiających zmniejszenie negatywnego wpływu na środowisko: Należy zastosować maksymalną średnicę systemu kanalizacyjnego podanego w instrukcji i unikać zmian przekroju i kolan. Ustawić optymalną prędkość zasysania i w razie konieczności włączyć funkcję booster. System oświetlenia produktu należy włączać tylko w razie potrzeby.
PT - O rendimento conforme com as normas: EN 61591; EN 60704-1; EN 60704-2-13; EN 50564. Conselhos úteis sobre as regras que permitem reduzir o impacto negativo no ambiente: Deve-se utilizar o diâmetro máximo do sistema de esgoto que é especificado na instrução e evitar mudanças da secção transversal e dos cotovelos. Defina a velocidade ótima de aspiração e ligue a função booster, se necessário. O sistema de iluminação do produto deve ser ligado apenas quando necessário.
RO - Capacități conforme cu normele: EN 61591; EN 60704-1; EN 60704-2-13; EN 50564. Sugestii utile privind principiile care permit reducerea impactului negativ asupra mediului: Trebuie luat în considerare diametrul maxim al sistemului de canalizare specificat în instrucțiuni, și trebuie evitate schimbările secțiunii și ale coturilor. Setați viteza optimă de aspirare și activați funcția booster, dacă este necesar. Sistemul de iluminare al produsului trebuie pornit doar atunci când este necesar.
SK - Výkon v súlade s normami: EN 61591; EN 60704-1; EN 60704-2-13; EN 50564. Užitočné rady ohľadne zásad umožňujúcich znížiť negatívny dopad na životné prostredie: Je potrebné zaistiť maximálny priemer odvetrávacieho systému uvedený v návode a zamedziť zmenám prierezu a kolien. Nastaviť optimálnu rýchlosť odsávania a zapnúť funkciu booster, ak je to nutné. Systém osvetlenia výrobku zapínať iba v prípade potreby.
SL - Performanse skladno s standardi: EN 61591; EN 60704-1; EN 60704-2-13; EN 50564. Koristni nasveti za zmanjšanje negativnega vpliva na okolje: Uporabite največji premer kanalizacijskega sistema, naveden v navodilih, in se izogibajte spremembam preseka in kolen. Nastavite optimalno hitrost sesanja in po potrebi vklopite funkcijo booster. Sistem razsvetljave izdelka vklopite samo po potrebi.
ES - El rendimiento cumple con las normas: EN 61591; EN 60704-1; EN 60704-2-13; EN 50564. Consejos útiles acerca de las reglas que permiten reducir el impacto negativo sobre el medio ambiente: Tome el diámetro máximo del sistema de alcantarillado que se especifica en la instrucción y evite los cambios de la sección transversal y de los codos. Ajuste la velocidad óptima de aspiración y encienda la función booster si es necesario. El sistema de iluminación del producto debe encenderse solo cuando sea necesario.
SV - Prestanda enligt normer: EN 61591; EN 60704-1; EN 60704-2-13; EN 50564. Användbara tips för principer att minska den negativa påverkan på miljön: Se till att använda den maximala diametern för avloppssystemet som anges i instruktionen och undvik ändringar i tvärsnitt och vinkelkopplingar. Ställ in optimal sughastighet och slå på boosterfunktionen om det behövs. Produktens belysningssystem ska endast slås på vid behov.
HU - A teljesítmény a szabványoknak megfelelő: EN 61591; EN 60704-1; EN 60704-2-13; EN 50564. Hasznos tanácsok a környezetre való negatív hatások csökkentésére: Vegyék alapul a használati utasításban megadott szennyvízrendszer maximális átmérőjét és kerüljék el a keresztmetszet és a könyökcsatlakozások változását. Állítsa be az optimális szívási sebességet és szükség esetén kapcsolja be a booster funkciót. A termék világítási rendszerét csak akkor kapcsolja be, ha szükséges.
RU - Данные в соответствии с нормами: EN 61591; EN 60704-1; EN 60704-2-13; EN 50564. Полезные советы относительно директив, которые могут ограничить негативное воздействие на окружающую среду: Следует использовать максимальный диаметр указанной в инструкции дренажной системы, а также избегать изменения поперечного сечения и колен. Установите оптимальную скорость всасывания и включите функцию усиления, если это необходимо. Систему освещения следует включать только в случае необходимости.
